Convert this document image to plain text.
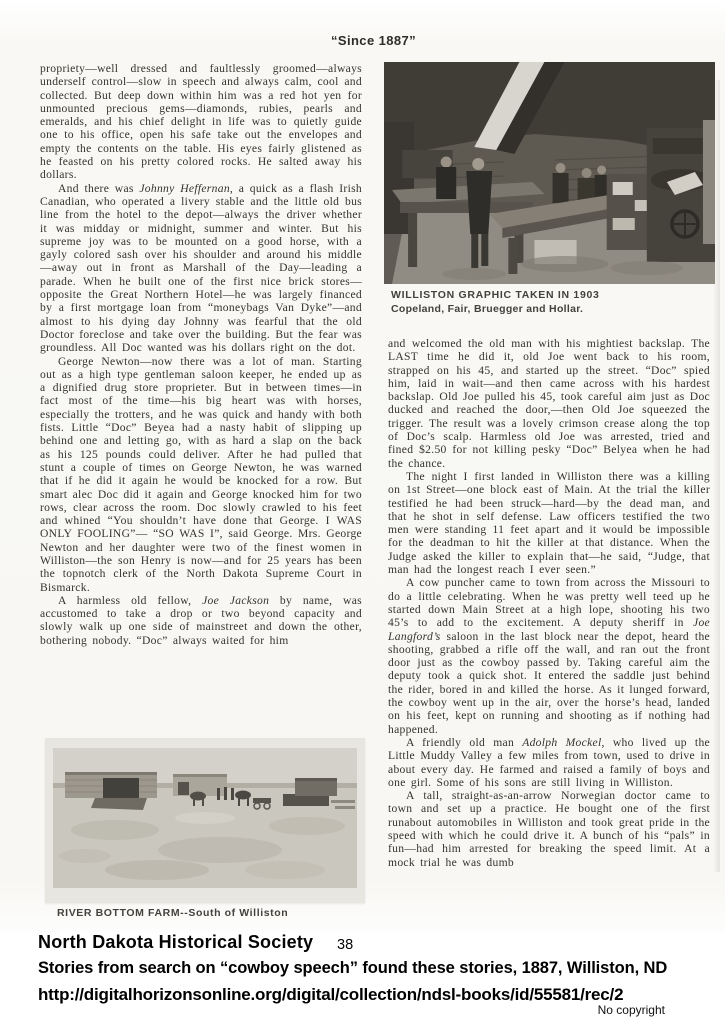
“Since 1887”

propriety—well dressed and faultlessly groomed—always underself control—slow in speech and always calm, cool and collected. But deep down within him was a red hot yen for unmounted precious gems—diamonds, rubies, pearls and emeralds, and his chief delight in life was to quietly guide one to his office, open his safe take out the envelopes and empty the contents on the table. His eyes fairly glistened as he feasted on his pretty colored rocks. He salted away his dollars.

And there was Johnny Heffernan, a quick as a flash Irish Canadian, who operated a livery stable and the little old bus line from the hotel to the depot—always the driver whether it was midday or midnight, summer and winter. But his supreme joy was to be mounted on a good horse, with a gayly colored sash over his shoulder and around his middle—away out in front as Marshall of the Day—leading a parade. When he built one of the first nice brick stores—opposite the Great Northern Hotel—he was largely financed by a first mortgage loan from “moneybags Van Dyke”—and almost to his dying day Johnny was fearful that the old Doctor foreclose and take over the building. But the fear was groundless. All Doc wanted was his dollars right on the dot.

George Newton—now there was a lot of man. Starting out as a high type gentleman saloon keeper, he ended up as a dignified drug store proprieter. But in between times—in fact most of the time—his big heart was with horses, especially the trotters, and he was quick and handy with both fists. Little “Doc” Beyea had a nasty habit of slipping up behind one and letting go, with as hard a slap on the back as his 125 pounds could deliver. After he had pulled that stunt a couple of times on George Newton, he was warned that if he did it again he would be knocked for a row. But smart alec Doc did it again and George knocked him for two rows, clear across the room. Doc slowly crawled to his feet and whined “You shouldn’t have done that George. I WAS ONLY FOOLING”— “SO WAS I”, said George. Mrs. George Newton and her daughter were two of the finest women in Williston—the son Henry is now—and for 25 years has been the topnotch clerk of the North Dakota Supreme Court in Bismarck.

A harmless old fellow, Joe Jackson by name, was accustomed to take a drop or two beyond capacity and slowly walk up one side of mainstreet and down the other, bothering nobody. “Doc” always waited for him

WILLISTON GRAPHIC TAKEN IN 1903
Copeland, Fair, Bruegger and Hollar.

and welcomed the old man with his mightiest backslap. The LAST time he did it, old Joe went back to his room, strapped on his 45, and started up the street. “Doc” spied him, laid in wait—and then came across with his hardest backslap. Old Joe pulled his 45, took careful aim just as Doc ducked and reached the door,—then Old Joe squeezed the trigger. The result was a lovely crimson crease along the top of Doc’s scalp. Harmless old Joe was arrested, tried and fined $2.50 for not killing pesky “Doc” Belyea when he had the chance.

The night I first landed in Williston there was a killing on 1st Street—one block east of Main. At the trial the killer testified he had been struck—hard—by the dead man, and that he shot in self defense. Law officers testified the two men were standing 11 feet apart and it would be impossible for the deadman to hit the killer at that distance. When the Judge asked the killer to explain that—he said, “Judge, that man had the longest reach I ever seen.”

A cow puncher came to town from across the Missouri to do a little celebrating. When he was pretty well teed up he started down Main Street at a high lope, shooting his two 45’s to add to the excitement. A deputy sheriff in Joe Langford’s saloon in the last block near the depot, heard the shooting, grabbed a rifle off the wall, and ran out the front door just as the cowboy passed by. Taking careful aim the deputy took a quick shot. It entered the saddle just behind the rider, bored in and killed the horse. As it lunged forward, the cowboy went up in the air, over the horse’s head, landed on his feet, kept on running and shooting as if nothing had happened.

A friendly old man Adolph Mockel, who lived up the Little Muddy Valley a few miles from town, used to drive in about every day. He farmed and raised a family of boys and one girl. Some of his sons are still living in Williston.

A tall, straight-as-an-arrow Norwegian doctor came to town and set up a practice. He bought one of the first runabout automobiles in Williston and took great pride in the speed with which he could drive it. A bunch of his “pals” in fun—had him arrested for breaking the speed limit. At a mock trial he was dumb

RIVER BOTTOM FARM--South of Williston
North Dakota Historical Society 38
Stories from search on “cowboy speech” found these stories, 1887, Williston, ND
http://digitalhorizonsonline.org/digital/collection/ndsl-books/id/55581/rec/2
No copyright
